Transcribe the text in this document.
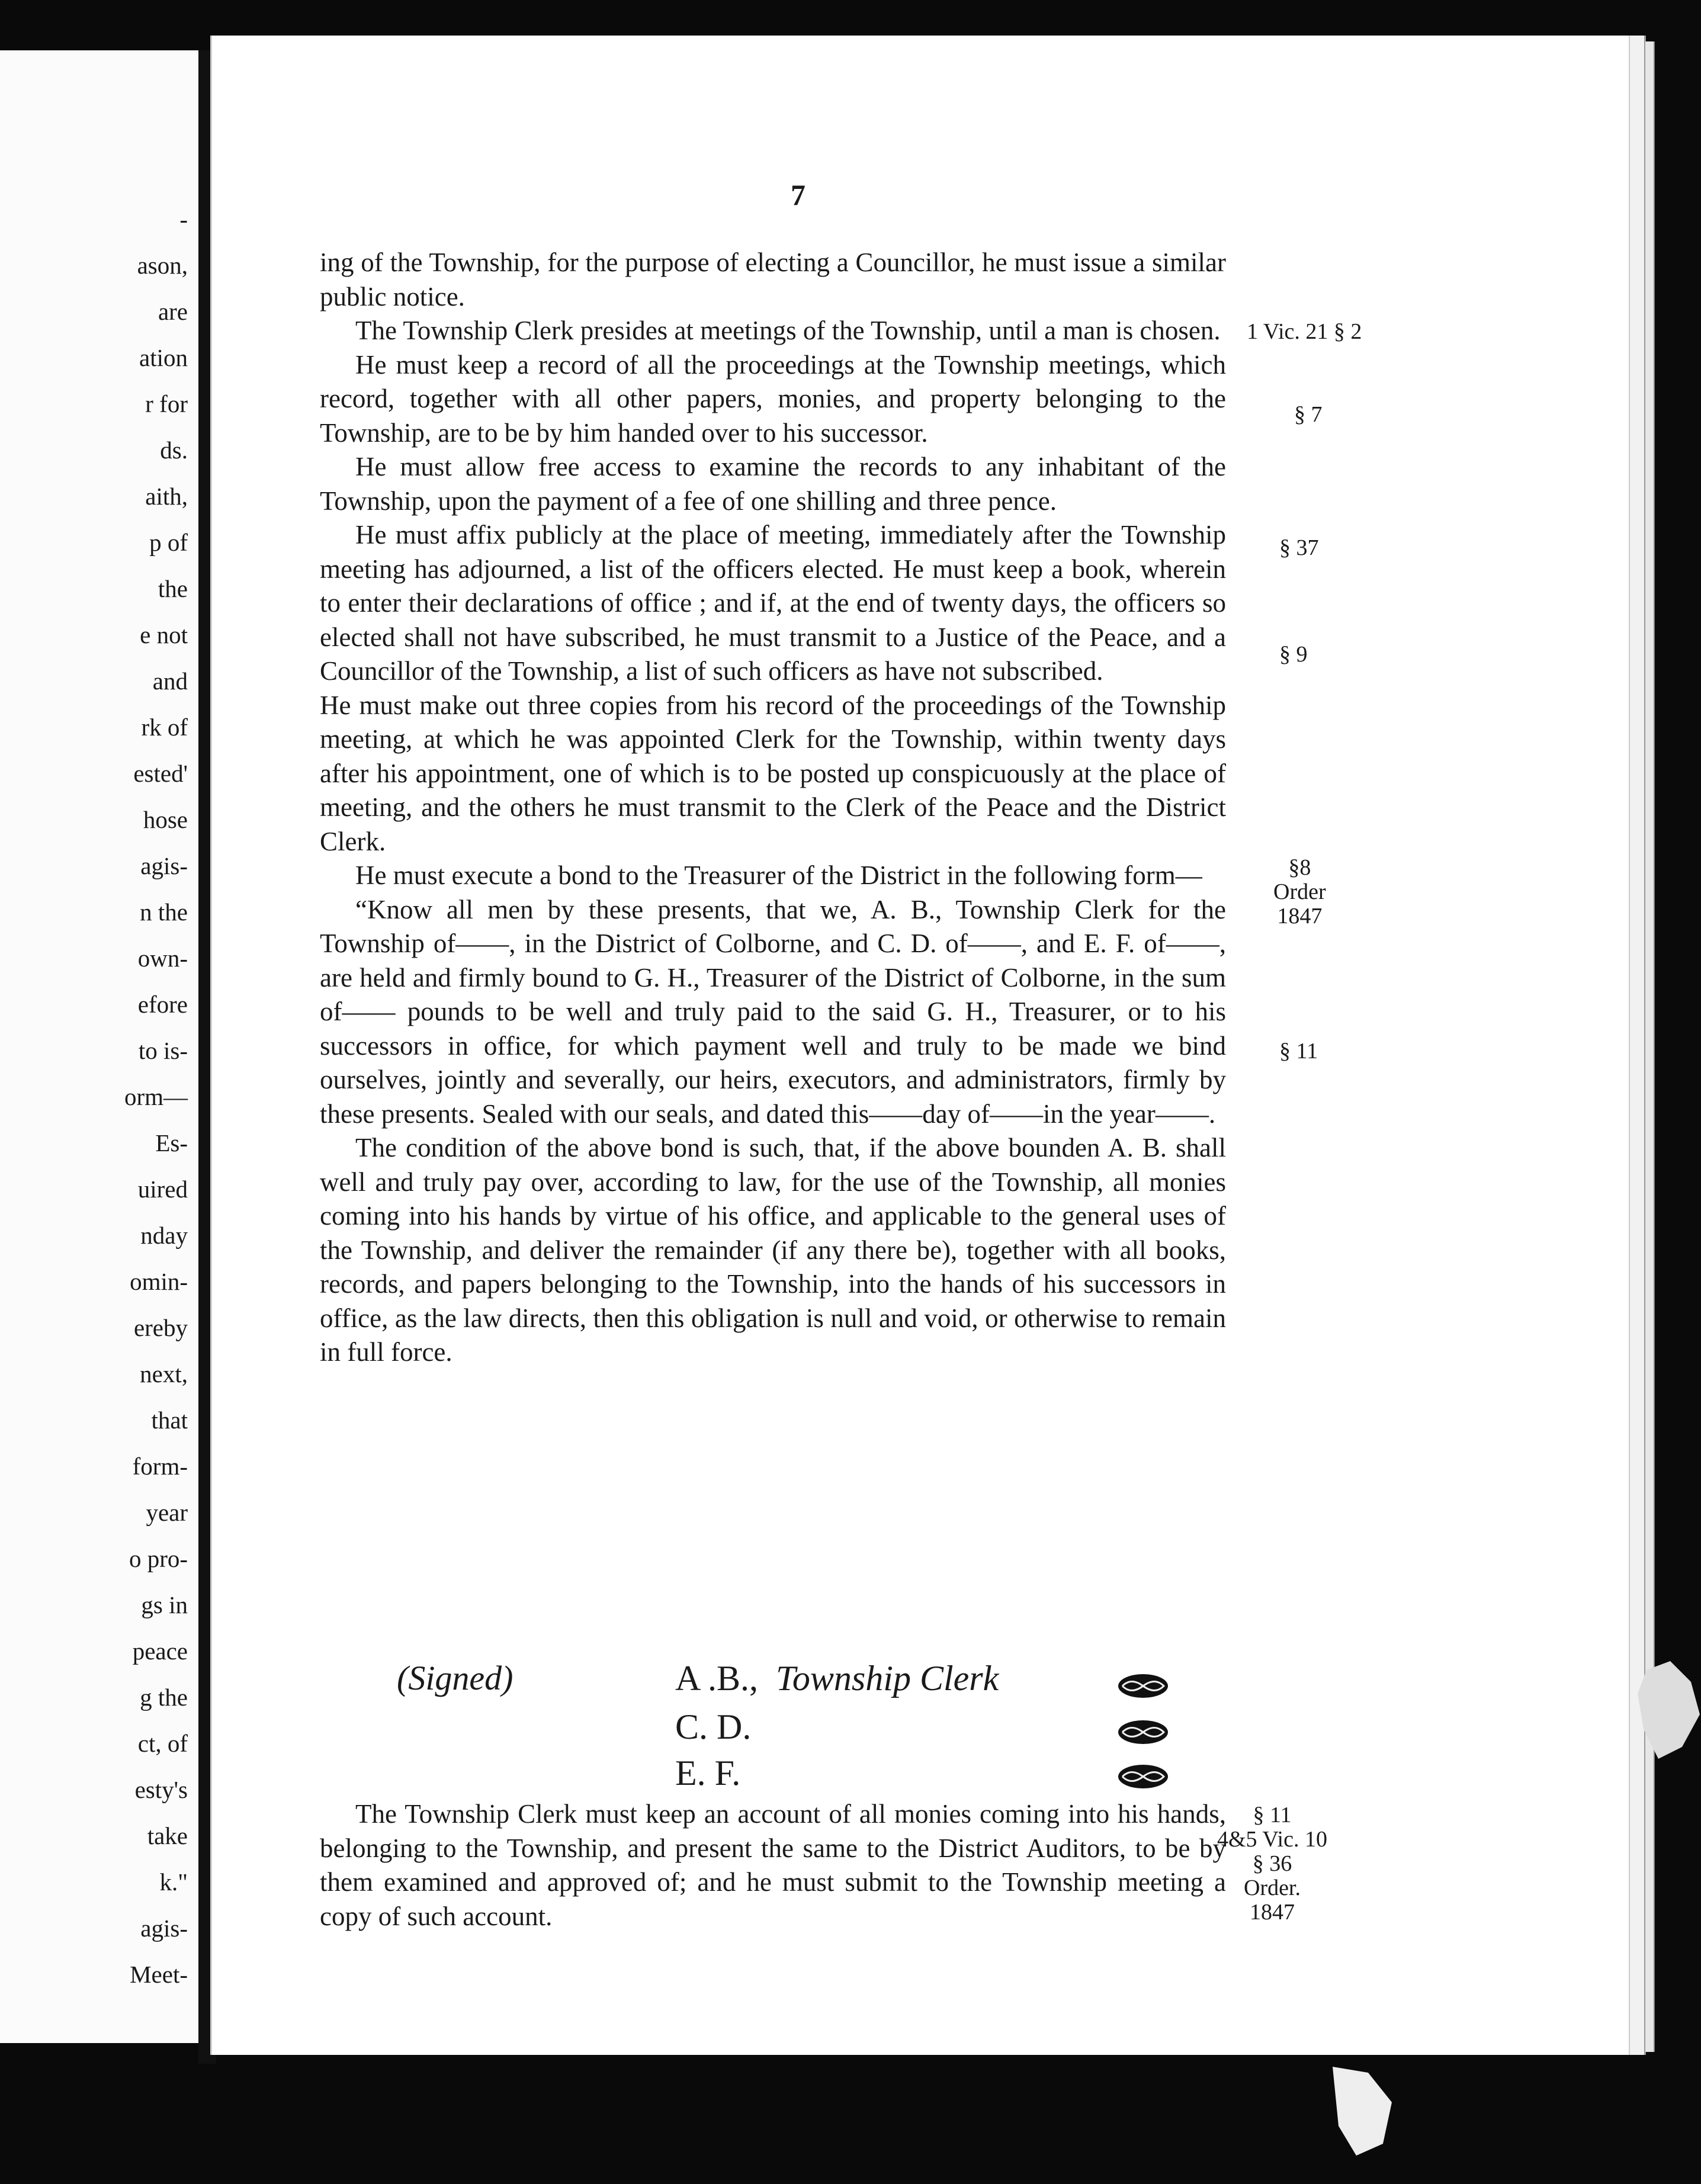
-
ason,
are
ation
r for
ds.
aith,
p of
the
e not
and
rk of
ested'
hose
agis-
n the
own-
efore
to is-
orm—
Es-
uired
nday
omin-
ereby
next,
that
form-
year
o pro-
gs in
peace
g the
ct, of
esty's
take
k."
agis-
Meet-
7

ing of the Township, for the purpose of electing a Councillor, he must issue a similar public notice.

The Township Clerk presides at meetings of the Township, until a man is chosen.

He must keep a record of all the proceedings at the Township meetings, which record, together with all other papers, monies, and property belonging to the Township, are to be by him handed over to his successor.

He must allow free access to examine the records to any inhabitant of the Township, upon the payment of a fee of one shilling and three pence.

He must affix publicly at the place of meeting, immediately after the Township meeting has adjourned, a list of the officers elected. He must keep a book, wherein to enter their declarations of office ; and if, at the end of twenty days, the officers so elected shall not have subscribed, he must transmit to a Justice of the Peace, and a Councillor of the Township, a list of such officers as have not subscribed.

He must make out three copies from his record of the proceedings of the Township meeting, at which he was appointed Clerk for the Township, within twenty days after his appointment, one of which is to be posted up conspicuously at the place of meeting, and the others he must transmit to the Clerk of the Peace and the District Clerk.

He must execute a bond to the Treasurer of the District in the following form—

“Know all men by these presents, that we, A. B., Township Clerk for the Township of——, in the District of Colborne, and C. D. of——, and E. F. of——, are held and firmly bound to G. H., Treasurer of the District of Colborne, in the sum of—— pounds to be well and truly paid to the said G. H., Treasurer, or to his successors in office, for which payment well and truly to be made we bind ourselves, jointly and severally, our heirs, executors, and administrators, firmly by these presents. Sealed with our seals, and dated this——day of——in the year——.

The condition of the above bond is such, that, if the above bounden A. B. shall well and truly pay over, according to law, for the use of the Township, all monies coming into his hands by virtue of his office, and applicable to the general uses of the Township, and deliver the remainder (if any there be), together with all books, records, and papers belonging to the Township, into the hands of his successors in office, as the law directs, then this obligation is null and void, or otherwise to remain in full force.

1 Vic. 21 § 2
§ 7
§ 37
§ 9
§8
Order
1847
§ 11
§ 11
4&5 Vic. 10
§ 36
Order.
1847
(Signed)	A .B., Township Clerk
C. D.
E. F.

The Township Clerk must keep an account of all monies coming into his hands, belonging to the Township, and present the same to the District Auditors, to be by them examined and approved of; and he must submit to the Township meeting a copy of such account.
